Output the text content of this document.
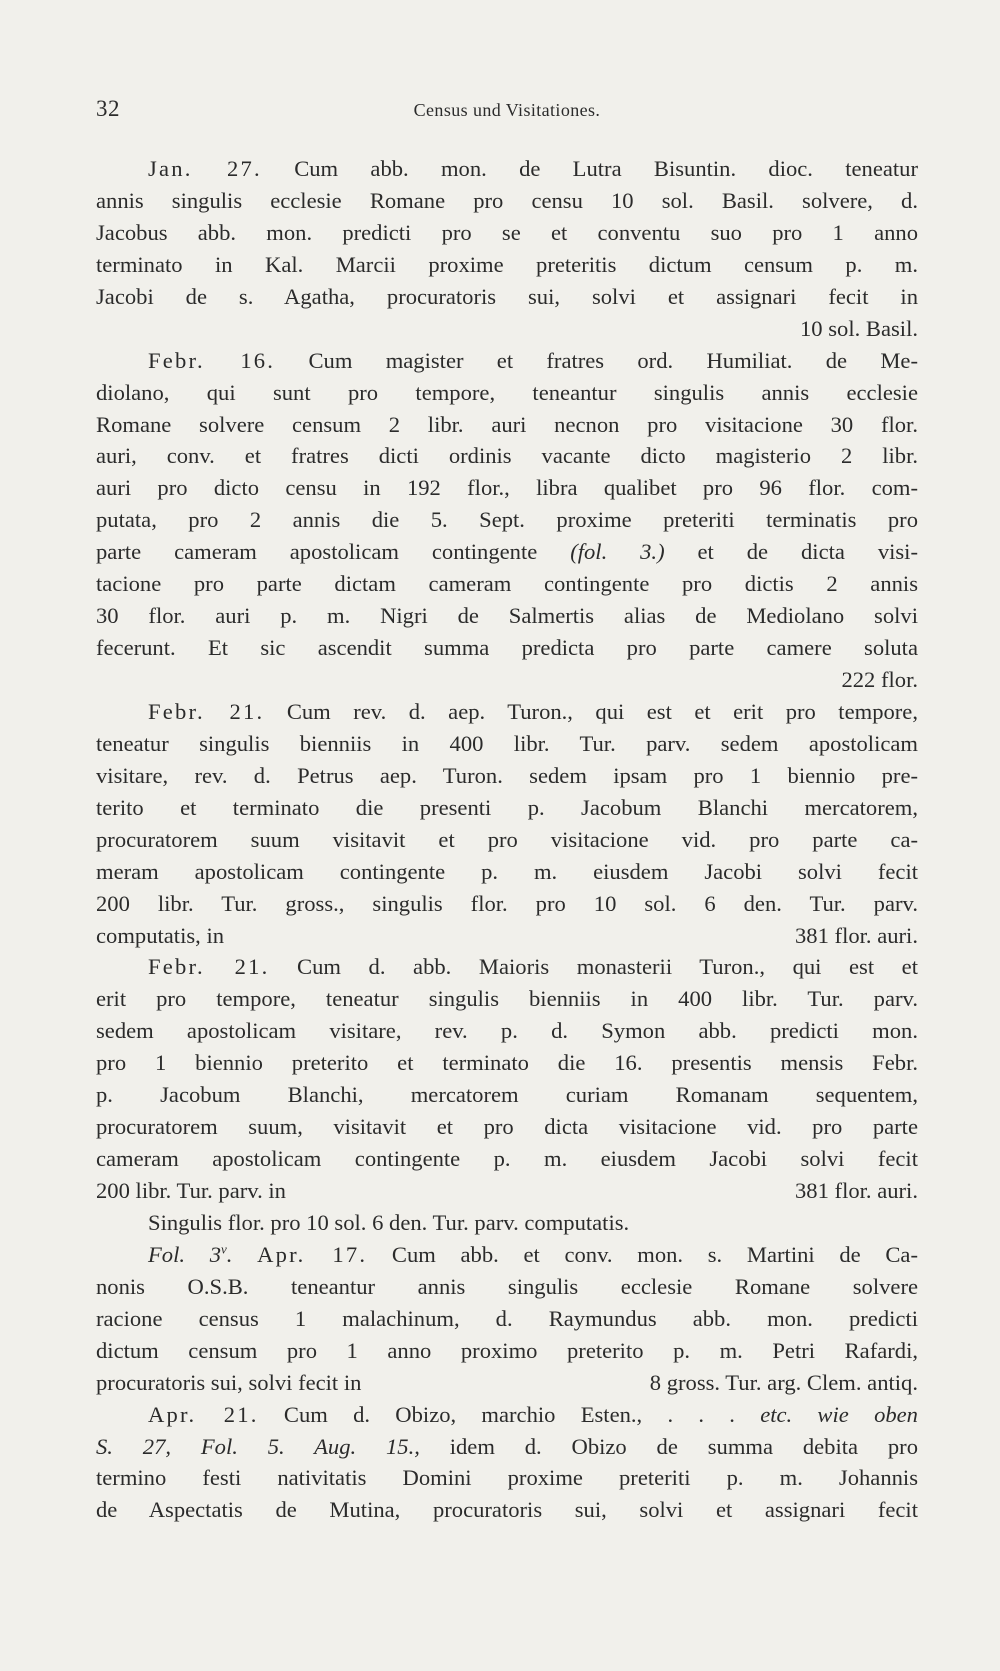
32	Census und Visitationes.
Jan. 27. Cum abb. mon. de Lutra Bisuntin. dioc. teneatur
annis singulis ecclesie Romane pro censu 10 sol. Basil. solvere, d.
Jacobus abb. mon. predicti pro se et conventu suo pro 1 anno
terminato in Kal. Marcii proxime preteritis dictum censum p. m.
Jacobi de s. Agatha, procuratoris sui, solvi et assignari fecit in
10 sol. Basil.
Febr. 16. Cum magister et fratres ord. Humiliat. de Me-
diolano, qui sunt pro tempore, teneantur singulis annis ecclesie
Romane solvere censum 2 libr. auri necnon pro visitacione 30 flor.
auri, conv. et fratres dicti ordinis vacante dicto magisterio 2 libr.
auri pro dicto censu in 192 flor., libra qualibet pro 96 flor. com-
putata, pro 2 annis die 5. Sept. proxime preteriti terminatis pro
parte cameram apostolicam contingente (fol. 3.) et de dicta visi-
tacione pro parte dictam cameram contingente pro dictis 2 annis
30 flor. auri p. m. Nigri de Salmertis alias de Mediolano solvi
fecerunt. Et sic ascendit summa predicta pro parte camere soluta
222 flor.
Febr. 21. Cum rev. d. aep. Turon., qui est et erit pro tempore,
teneatur singulis bienniis in 400 libr. Tur. parv. sedem apostolicam
visitare, rev. d. Petrus aep. Turon. sedem ipsam pro 1 biennio pre-
terito et terminato die presenti p. Jacobum Blanchi mercatorem,
procuratorem suum visitavit et pro visitacione vid. pro parte ca-
meram apostolicam contingente p. m. eiusdem Jacobi solvi fecit
200 libr. Tur. gross., singulis flor. pro 10 sol. 6 den. Tur. parv.
computatis, in	381 flor. auri.
Febr. 21. Cum d. abb. Maioris monasterii Turon., qui est et
erit pro tempore, teneatur singulis bienniis in 400 libr. Tur. parv.
sedem apostolicam visitare, rev. p. d. Symon abb. predicti mon.
pro 1 biennio preterito et terminato die 16. presentis mensis Febr.
p. Jacobum Blanchi, mercatorem curiam Romanam sequentem,
procuratorem suum, visitavit et pro dicta visitacione vid. pro parte
cameram apostolicam contingente p. m. eiusdem Jacobi solvi fecit
200 libr. Tur. parv. in	381 flor. auri.
Singulis flor. pro 10 sol. 6 den. Tur. parv. computatis.
Fol. 3$^v$. Apr. 17. Cum abb. et conv. mon. s. Martini de Ca-
nonis O.S.B. teneantur annis singulis ecclesie Romane solvere
racione census 1 malachinum, d. Raymundus abb. mon. predicti
dictum censum pro 1 anno proximo preterito p. m. Petri Rafardi,
procuratoris sui, solvi fecit in	8 gross. Tur. arg. Clem. antiq.
Apr. 21. Cum d. Obizo, marchio Esten., . . . etc. wie oben
S. 27, Fol. 5. Aug. 15., idem d. Obizo de summa debita pro
termino festi nativitatis Domini proxime preteriti p. m. Johannis
de Aspectatis de Mutina, procuratoris sui, solvi et assignari fecit
